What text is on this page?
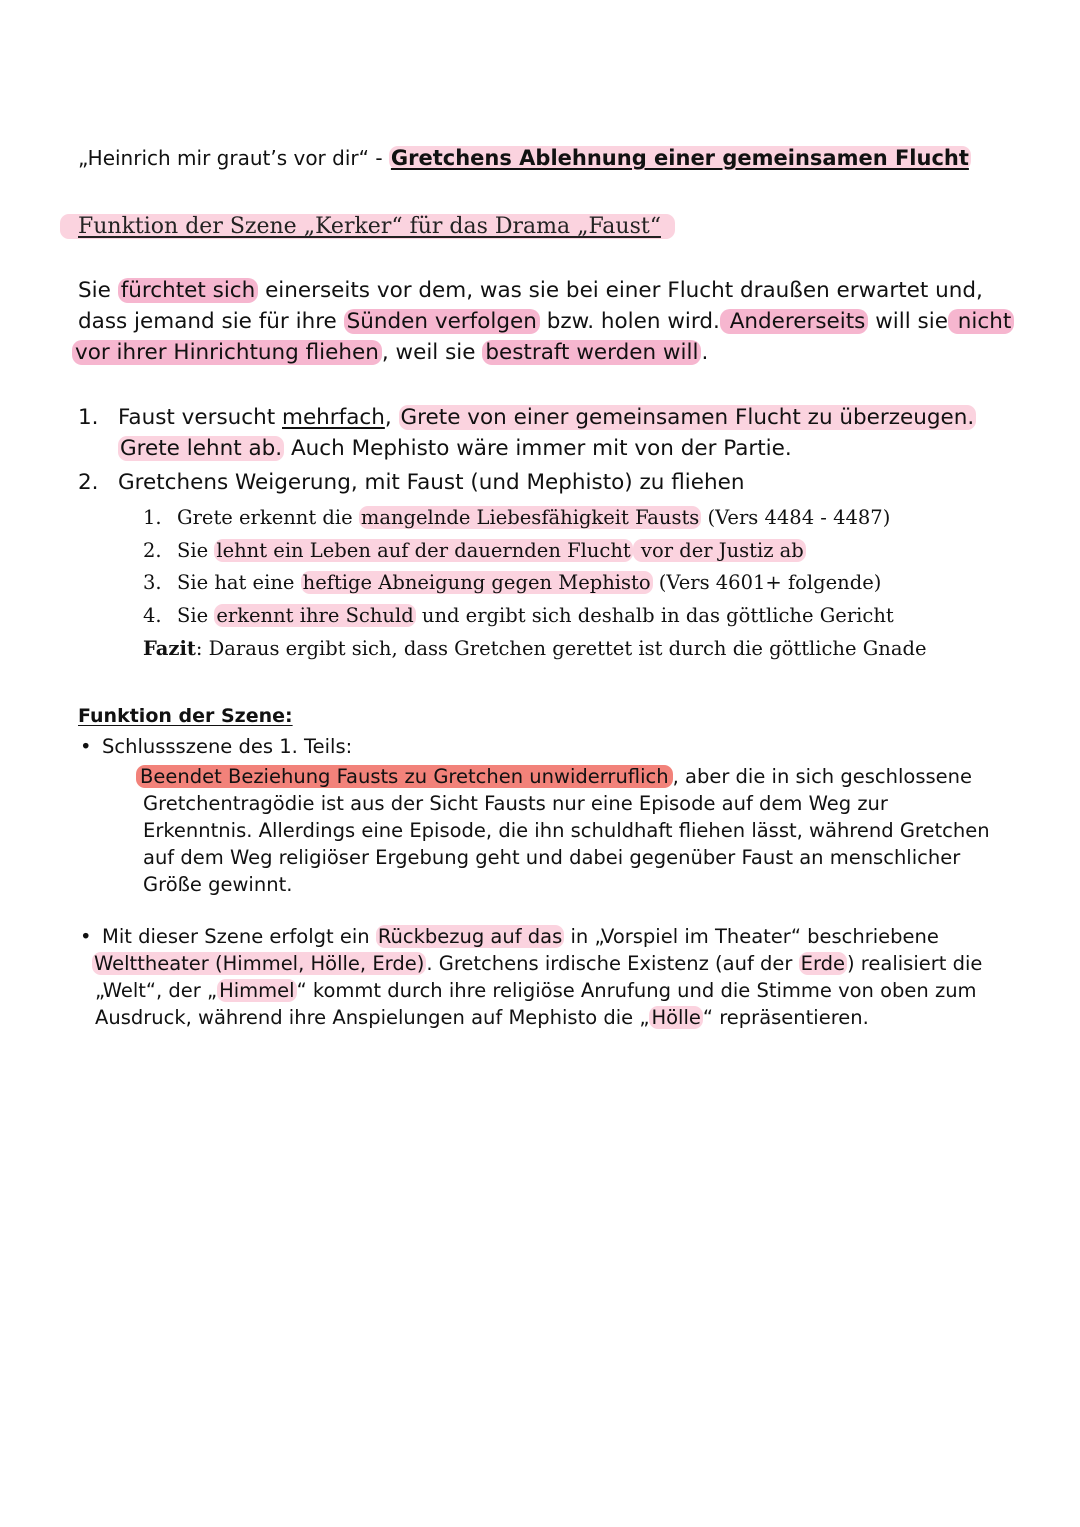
„Heinrich mir graut’s vor dir“ - Gretchens Ablehnung einer gemeinsamen Flucht
Funktion der Szene „Kerker“ für das Drama „Faust“
Sie fürchtet sich einerseits vor dem, was sie bei einer Flucht draußen erwartet und,
dass jemand sie für ihre Sünden verfolgen bzw. holen wird. Andererseits will sie nicht
vor ihrer Hinrichtung fliehen , weil sie bestraft werden will .
1. Faust versucht mehrfach, Grete von einer gemeinsamen Flucht zu überzeugen.
Grete lehnt ab. Auch Mephisto wäre immer mit von der Partie.
2. Gretchens Weigerung, mit Faust (und Mephisto) zu fliehen
1. Grete erkennt die mangelnde Liebesfähigkeit Fausts (Vers 4484 - 4487)
2. Sie lehnt ein Leben auf der dauernden Flucht vor der Justiz ab
3. Sie hat eine heftige Abneigung gegen Mephisto (Vers 4601+ folgende)
4. Sie erkennt ihre Schuld und ergibt sich deshalb in das göttliche Gericht
Fazit: Daraus ergibt sich, dass Gretchen gerettet ist durch die göttliche Gnade
Funktion der Szene:
• Schlussszene des 1. Teils:
Beendet Beziehung Fausts zu Gretchen unwiderruflich , aber die in sich geschlossene
Gretchentragödie ist aus der Sicht Fausts nur eine Episode auf dem Weg zur
Erkenntnis. Allerdings eine Episode, die ihn schuldhaft fliehen lässt, während Gretchen
auf dem Weg religiöser Ergebung geht und dabei gegenüber Faust an menschlicher
Größe gewinnt.
• Mit dieser Szene erfolgt ein Rückbezug auf das in „Vorspiel im Theater“ beschriebene
Welttheater (Himmel, Hölle, Erde) . Gretchens irdische Existenz (auf der Erde ) realisiert die
„Welt“, der „ Himmel “ kommt durch ihre religiöse Anrufung und die Stimme von oben zum
Ausdruck, während ihre Anspielungen auf Mephisto die „ Hölle “ repräsentieren.
